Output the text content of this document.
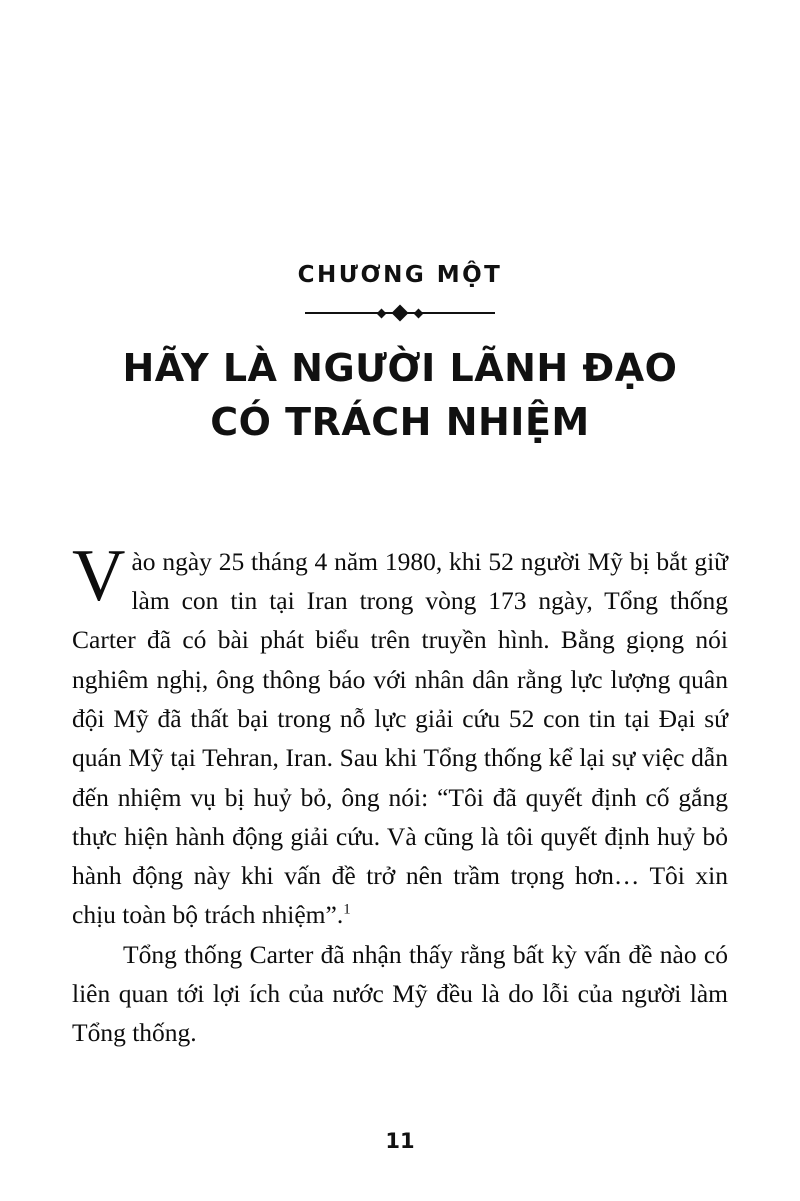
CHƯƠNG MỘT
HÃY LÀ NGƯỜI LÃNH ĐẠO
CÓ TRÁCH NHIỆM

Vào ngày 25 tháng 4 năm 1980, khi 52 người Mỹ bị bắt giữ làm con tin tại Iran trong vòng 173 ngày, Tổng thống Carter đã có bài phát biểu trên truyền hình. Bằng giọng nói nghiêm nghị, ông thông báo với nhân dân rằng lực lượng quân đội Mỹ đã thất bại trong nỗ lực giải cứu 52 con tin tại Đại sứ quán Mỹ tại Tehran, Iran. Sau khi Tổng thống kể lại sự việc dẫn đến nhiệm vụ bị huỷ bỏ, ông nói: “Tôi đã quyết định cố gắng thực hiện hành động giải cứu. Và cũng là tôi quyết định huỷ bỏ hành động này khi vấn đề trở nên trầm trọng hơn… Tôi xin chịu toàn bộ trách nhiệm”.$^1$

Tổng thống Carter đã nhận thấy rằng bất kỳ vấn đề nào có liên quan tới lợi ích của nước Mỹ đều là do lỗi của người làm Tổng thống.

11
